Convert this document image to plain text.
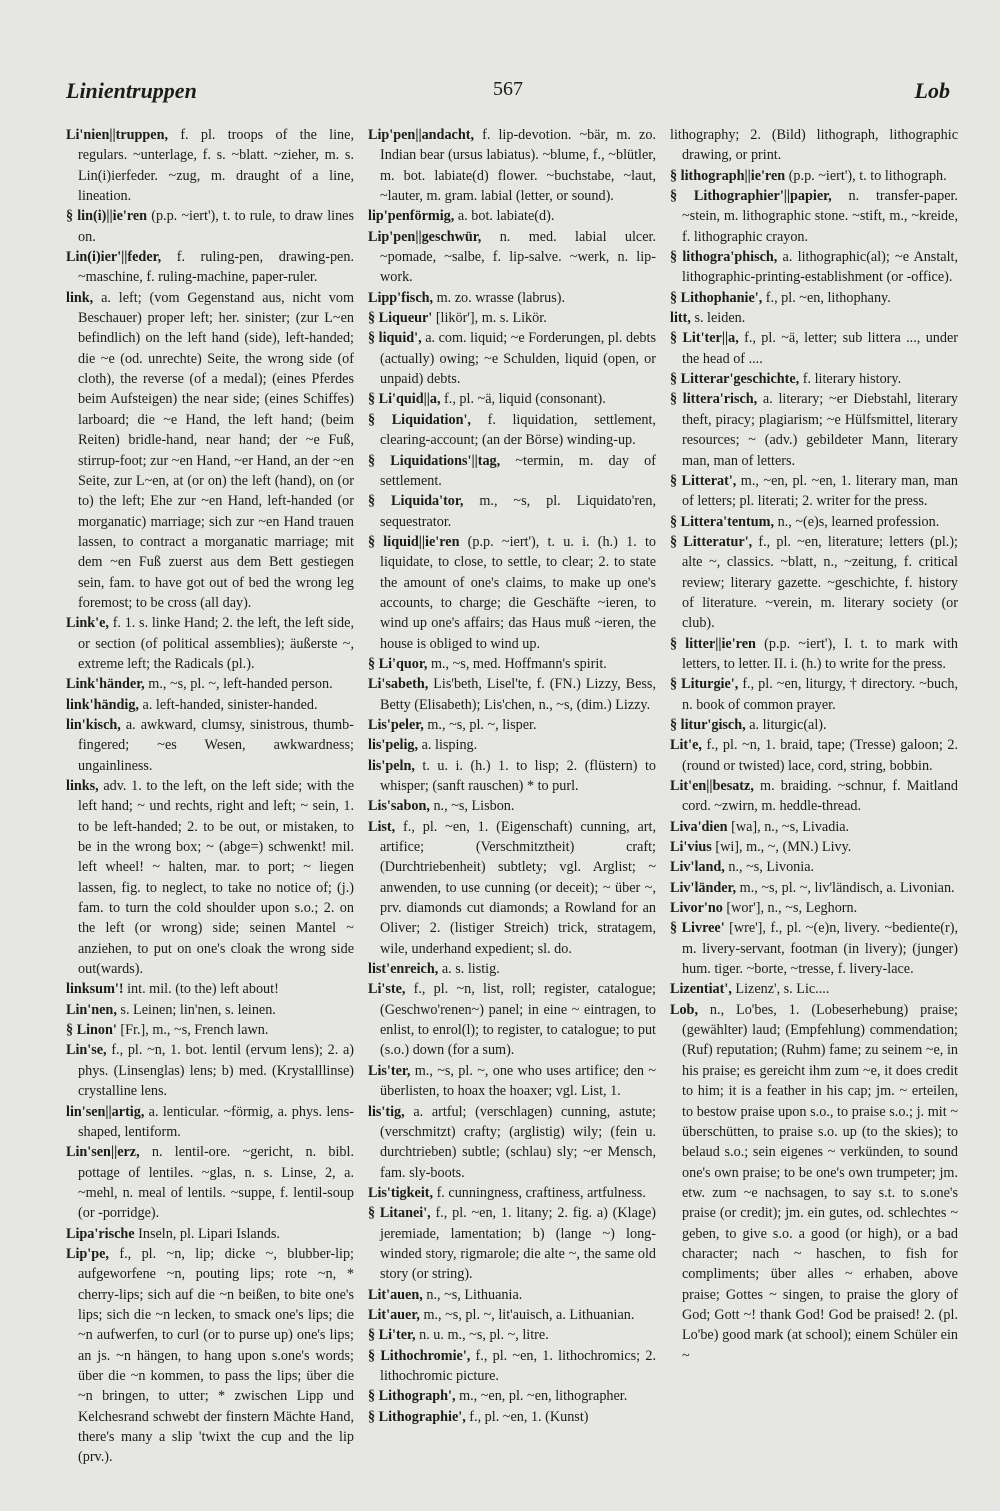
Linientruppen	567	Lob

Li'nien||truppen, f. pl. troops of the line, regulars. ~unterlage, f. s. ~blatt. ~zieher, m. s. Lin(i)ierfeder. ~zug, m. draught of a line, lineation.

§ lin(i)||ie'ren (p.p. ~iert'), t. to rule, to draw lines on.

Lin(i)ier'||feder, f. ruling-pen, drawing-pen. ~maschine, f. ruling-machine, paper-ruler.

link, a. left; (vom Gegenstand aus, nicht vom Beschauer) proper left; her. sinister; (zur L~en befindlich) on the left hand (side), left-handed; die ~e (od. unrechte) Seite, the wrong side (of cloth), the reverse (of a medal); (eines Pferdes beim Aufsteigen) the near side; (eines Schiffes) larboard; die ~e Hand, the left hand; (beim Reiten) bridle-hand, near hand; der ~e Fuß, stirrup-foot; zur ~en Hand, ~er Hand, an der ~en Seite, zur L~en, at (or on) the left (hand), on (or to) the left; Ehe zur ~en Hand, left-handed (or morganatic) marriage; sich zur ~en Hand trauen lassen, to contract a morganatic marriage; mit dem ~en Fuß zuerst aus dem Bett gestiegen sein, fam. to have got out of bed the wrong leg foremost; to be cross (all day).

Link'e, f. 1. s. linke Hand; 2. the left, the left side, or section (of political assemblies); äußerste ~, extreme left; the Radicals (pl.).

Link'händer, m., ~s, pl. ~, left-handed person.

link'händig, a. left-handed, sinister-handed.

lin'kisch, a. awkward, clumsy, sinistrous, thumb-fingered; ~es Wesen, awkwardness; ungainliness.

links, adv. 1. to the left, on the left side; with the left hand; ~ und rechts, right and left; ~ sein, 1. to be left-handed; 2. to be out, or mistaken, to be in the wrong box; ~ (abge=) schwenkt! mil. left wheel! ~ halten, mar. to port; ~ liegen lassen, fig. to neglect, to take no notice of; (j.) fam. to turn the cold shoulder upon s.o.; 2. on the left (or wrong) side; seinen Mantel ~ anziehen, to put on one's cloak the wrong side out(wards).

linksum'! int. mil. (to the) left about!

Lin'nen, s. Leinen; lin'nen, s. leinen.

§ Linon' [Fr.], m., ~s, French lawn.

Lin'se, f., pl. ~n, 1. bot. lentil (ervum lens); 2. a) phys. (Linsenglas) lens; b) med. (Krystalllinse) crystalline lens.

lin'sen||artig, a. lenticular. ~förmig, a. phys. lens-shaped, lentiform.

Lin'sen||erz, n. lentil-ore. ~gericht, n. bibl. pottage of lentiles. ~glas, n. s. Linse, 2, a. ~mehl, n. meal of lentils. ~suppe, f. lentil-soup (or -porridge).

Lipa'rische Inseln, pl. Lipari Islands.

Lip'pe, f., pl. ~n, lip; dicke ~, blubber-lip; aufgeworfene ~n, pouting lips; rote ~n, * cherry-lips; sich auf die ~n beißen, to bite one's lips; sich die ~n lecken, to smack one's lips; die ~n aufwerfen, to curl (or to purse up) one's lips; an js. ~n hängen, to hang upon s.one's words; über die ~n kommen, to pass the lips; über die ~n bringen, to utter; * zwischen Lipp und Kelchesrand schwebt der finstern Mächte Hand, there's many a slip 'twixt the cup and the lip (prv.).

Lip'pen||andacht, f. lip-devotion. ~bär, m. zo. Indian bear (ursus labiatus). ~blume, f., ~blütler, m. bot. labiate(d) flower. ~buchstabe, ~laut, ~lauter, m. gram. labial (letter, or sound).

lip'penförmig, a. bot. labiate(d).

Lip'pen||geschwür, n. med. labial ulcer. ~pomade, ~salbe, f. lip-salve. ~werk, n. lip-work.

Lipp'fisch, m. zo. wrasse (labrus).

§ Liqueur' [likör'], m. s. Likör.

§ liquid', a. com. liquid; ~e Forderungen, pl. debts (actually) owing; ~e Schulden, liquid (open, or unpaid) debts.

§ Li'quid||a, f., pl. ~ä, liquid (consonant).

§ Liquidation', f. liquidation, settlement, clearing-account; (an der Börse) winding-up.

§ Liquidations'||tag, ~termin, m. day of settlement.

§ Liquida'tor, m., ~s, pl. Liquidato'ren, sequestrator.

§ liquid||ie'ren (p.p. ~iert'), t. u. i. (h.) 1. to liquidate, to close, to settle, to clear; 2. to state the amount of one's claims, to make up one's accounts, to charge; die Geschäfte ~ieren, to wind up one's affairs; das Haus muß ~ieren, the house is obliged to wind up.

§ Li'quor, m., ~s, med. Hoffmann's spirit.

Li'sabeth, Lis'beth, Lisel'te, f. (FN.) Lizzy, Bess, Betty (Elisabeth); Lis'chen, n., ~s, (dim.) Lizzy.

Lis'peler, m., ~s, pl. ~, lisper.

lis'pelig, a. lisping.

lis'peln, t. u. i. (h.) 1. to lisp; 2. (flüstern) to whisper; (sanft rauschen) * to purl.

Lis'sabon, n., ~s, Lisbon.

List, f., pl. ~en, 1. (Eigenschaft) cunning, art, artifice; (Verschmitztheit) craft; (Durchtriebenheit) subtlety; vgl. Arglist; ~ anwenden, to use cunning (or deceit); ~ über ~, prv. diamonds cut diamonds; a Rowland for an Oliver; 2. (listiger Streich) trick, stratagem, wile, underhand expedient; sl. do.

list'enreich, a. s. listig.

Li'ste, f., pl. ~n, list, roll; register, catalogue; (Geschwo'renen~) panel; in eine ~ eintragen, to enlist, to enrol(l); to register, to catalogue; to put (s.o.) down (for a sum).

Lis'ter, m., ~s, pl. ~, one who uses artifice; den ~ überlisten, to hoax the hoaxer; vgl. List, 1.

lis'tig, a. artful; (verschlagen) cunning, astute; (verschmitzt) crafty; (arglistig) wily; (fein u. durchtrieben) subtle; (schlau) sly; ~er Mensch, fam. sly-boots.

Lis'tigkeit, f. cunningness, craftiness, artfulness.

§ Litanei', f., pl. ~en, 1. litany; 2. fig. a) (Klage) jeremiade, lamentation; b) (lange ~) long-winded story, rigmarole; die alte ~, the same old story (or string).

Lit'auen, n., ~s, Lithuania.

Lit'auer, m., ~s, pl. ~, lit'auisch, a. Lithuanian.

§ Li'ter, n. u. m., ~s, pl. ~, litre.

§ Lithochromie', f., pl. ~en, 1. lithochromics; 2. lithochromic picture.

§ Lithograph', m., ~en, pl. ~en, lithographer.

§ Lithographie', f., pl. ~en, 1. (Kunst)

lithography; 2. (Bild) lithograph, lithographic drawing, or print.

§ lithograph||ie'ren (p.p. ~iert'), t. to lithograph.

§ Lithographier'||papier, n. transfer-paper. ~stein, m. lithographic stone. ~stift, m., ~kreide, f. lithographic crayon.

§ lithogra'phisch, a. lithographic(al); ~e Anstalt, lithographic-printing-establishment (or -office).

§ Lithophanie', f., pl. ~en, lithophany.

litt, s. leiden.

§ Lit'ter||a, f., pl. ~ä, letter; sub littera ..., under the head of ....

§ Litterar'geschichte, f. literary history.

§ littera'risch, a. literary; ~er Diebstahl, literary theft, piracy; plagiarism; ~e Hülfsmittel, literary resources; ~ (adv.) gebildeter Mann, literary man, man of letters.

§ Litterat', m., ~en, pl. ~en, 1. literary man, man of letters; pl. literati; 2. writer for the press.

§ Littera'tentum, n., ~(e)s, learned profession.

§ Litteratur', f., pl. ~en, literature; letters (pl.); alte ~, classics. ~blatt, n., ~zeitung, f. critical review; literary gazette. ~geschichte, f. history of literature. ~verein, m. literary society (or club).

§ litter||ie'ren (p.p. ~iert'), I. t. to mark with letters, to letter. II. i. (h.) to write for the press.

§ Liturgie', f., pl. ~en, liturgy, † directory. ~buch, n. book of common prayer.

§ litur'gisch, a. liturgic(al).

Lit'e, f., pl. ~n, 1. braid, tape; (Tresse) galoon; 2. (round or twisted) lace, cord, string, bobbin.

Lit'en||besatz, m. braiding. ~schnur, f. Maitland cord. ~zwirn, m. heddle-thread.

Liva'dien [wa], n., ~s, Livadia.

Li'vius [wi], m., ~, (MN.) Livy.

Liv'land, n., ~s, Livonia.

Liv'länder, m., ~s, pl. ~, liv'ländisch, a. Livonian.

Livor'no [wor'], n., ~s, Leghorn.

§ Livree' [wre'], f., pl. ~(e)n, livery. ~bediente(r), m. livery-servant, footman (in livery); (junger) hum. tiger. ~borte, ~tresse, f. livery-lace.

Lizentiat', Lizenz', s. Lic....

Lob, n., Lo'bes, 1. (Lobeserhebung) praise; (gewählter) laud; (Empfehlung) commendation; (Ruf) reputation; (Ruhm) fame; zu seinem ~e, in his praise; es gereicht ihm zum ~e, it does credit to him; it is a feather in his cap; jm. ~ erteilen, to bestow praise upon s.o., to praise s.o.; j. mit ~ überschütten, to praise s.o. up (to the skies); to belaud s.o.; sein eigenes ~ verkünden, to sound one's own praise; to be one's own trumpeter; jm. etw. zum ~e nachsagen, to say s.t. to s.one's praise (or credit); jm. ein gutes, od. schlechtes ~ geben, to give s.o. a good (or high), or a bad character; nach ~ haschen, to fish for compliments; über alles ~ erhaben, above praise; Gottes ~ singen, to praise the glory of God; Gott ~! thank God! God be praised! 2. (pl. Lo'be) good mark (at school); einem Schüler ein ~
